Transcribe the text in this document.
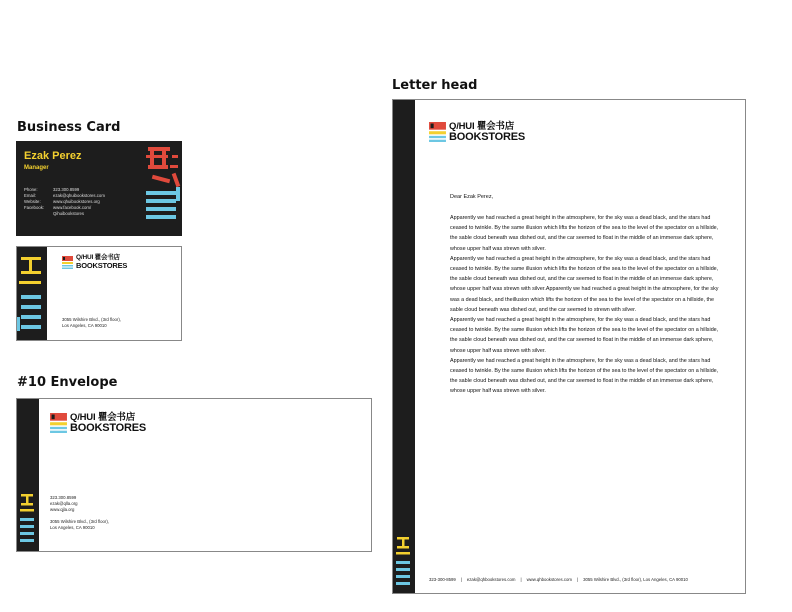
Business Card
#10 Envelope
Letter head
Ezak Perez
Manager
Phone:	323.300.8599
Email:	ezak@qhuibookstores.com
Website:	www.qhuibookstores.org
Facebook:	www.facebook.com/
Qihuibookstores
Q/HUI 瞿会书店
BOOKSTORES
3055 Wilshire Blvd., (3rd floor),
Los Angeles, CA 90010
Q/HUI 瞿会书店
BOOKSTORES
323.300.8599
ezak@qlla.org
www.qjla.org
3055 Wilshire Blvd., (3rd floor),
Los Angeles, CA 90010
Q/HUI 瞿会书店
BOOKSTORES
Dear Ezak Perez,

Apparently we had reached a great height in the atmosphere, for the sky was a dead black, and the stars had ceased to twinkle. By the same illusion which lifts the horizon of the sea to the level of the spectator on a hillside, the sable cloud beneath was dished out, and the car seemed to float in the middle of an immense dark sphere, whose upper half was strewn with silver.

Apparently we had reached a great height in the atmosphere, for the sky was a dead black, and the stars had ceased to twinkle. By the same illusion which lifts the horizon of the sea to the level of the spectator on a hillside, the sable cloud beneath was dished out, and the car seemed to float in the middle of an immense dark sphere, whose upper half was strewn with silver.Apparently we had reached a great height in the atmosphere, for the sky was a dead black, and theillusion which lifts the horizon of the sea to the level of the spectator on a hillside, the sable cloud beneath was dished out, and the car seemed to strewn with silver.

Apparently we had reached a great height in the atmosphere, for the sky was a dead black, and the stars had ceased to twinkle. By the same illusion which lifts the horizon of the sea to the level of the spectator on a hillside, the sable cloud beneath was dished out, and the car seemed to float in the middle of an immense dark sphere, whose upper half was strewn with silver.

Apparently we had reached a great height in the atmosphere, for the sky was a dead black, and the stars had ceased to twinkle. By the same illusion which lifts the horizon of the sea to the level of the spectator on a hillside, the sable cloud beneath was dished out, and the car seemed to float in the middle of an immense dark sphere, whose upper half was strewn with silver.

323-300-8599 | ezak@qhbookstores.com | www.qhbookstores.com | 3055 Wilshire Blvd., (3rd floor), Los Angeles, CA 90010
